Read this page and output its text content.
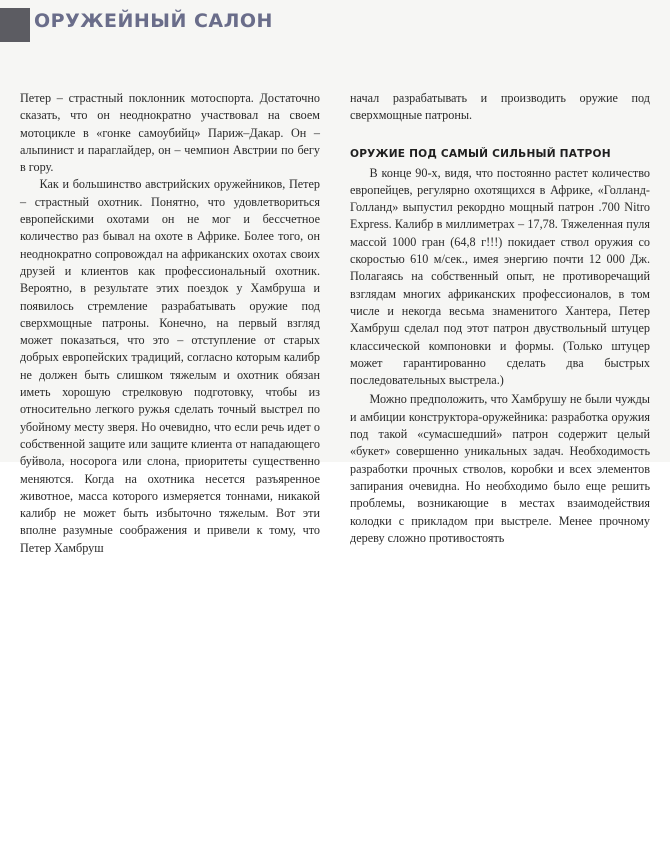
ОРУЖЕЙНЫЙ САЛОН

Петер – страстный поклонник мотоспорта. Достаточно сказать, что он неоднократно участвовал на своем мотоцикле в «гонке самоубийц» Париж–Дакар. Он – альпинист и параглайдер, он – чемпион Австрии по бегу в гору.

Как и большинство австрийских оружейников, Петер – страстный охотник. Понятно, что удовлетвориться европейскими охотами он не мог и бессчетное количество раз бывал на охоте в Африке. Более того, он неоднократно сопровождал на африканских охотах своих друзей и клиентов как профессиональный охотник. Вероятно, в результате этих поездок у Хамбруша и появилось стремление разрабатывать оружие под сверхмощные патроны. Конечно, на первый взгляд может показаться, что это – отступление от старых добрых европейских традиций, согласно которым калибр не должен быть слишком тяжелым и охотник обязан иметь хорошую стрелковую подготовку, чтобы из относительно легкого ружья сделать точный выстрел по убойному месту зверя. Но очевидно, что если речь идет о собственной защите или защите клиента от нападающего буйвола, носорога или слона, приоритеты существенно меняются. Когда на охотника несется разъяренное животное, масса которого измеряется тоннами, никакой калибр не может быть избыточно тяжелым. Вот эти вполне разумные соображения и привели к тому, что Петер Хамбруш

начал разрабатывать и производить оружие под сверхмощные патроны.

ОРУЖИЕ ПОД САМЫЙ СИЛЬНЫЙ ПАТРОН

В конце 90-х, видя, что постоянно растет количество европейцев, регулярно охотящихся в Африке, «Голланд-Голланд» выпустил рекордно мощный патрон .700 Nitro Express. Калибр в миллиметрах – 17,78. Тяжеленная пуля массой 1000 гран (64,8 г!!!) покидает ствол оружия со скоростью 610 м/сек., имея энергию почти 12 000 Дж. Полагаясь на собственный опыт, не противоречащий взглядам многих африканских профессионалов, в том числе и некогда весьма знаменитого Хантера, Петер Хамбруш сделал под этот патрон двуствольный штуцер классической компоновки и формы. (Только штуцер может гарантированно сделать два быстрых последовательных выстрела.)

Можно предположить, что Хамбрушу не были чужды и амбиции конструктора-оружейника: разработка оружия под такой «сумасшедший» патрон содержит целый «букет» совершенно уникальных задач. Необходимость разработки прочных стволов, коробки и всех элементов запирания очевидна. Но необходимо было еще решить проблемы, возникающие в местах взаимодействия колодки с прикладом при выстреле. Менее прочному дереву сложно противостоять
